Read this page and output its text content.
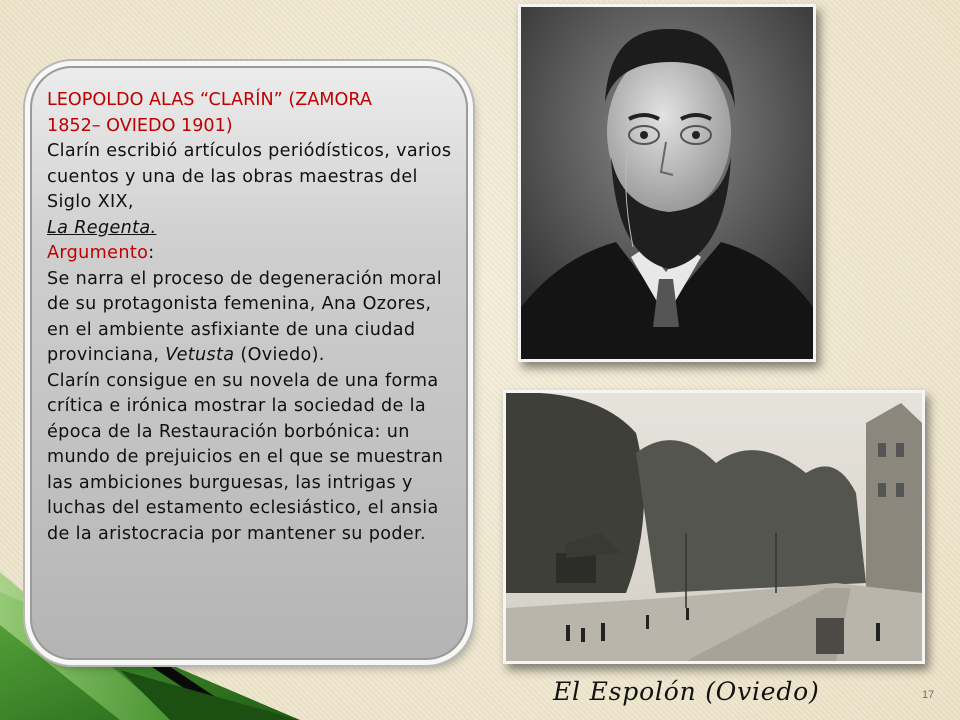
LEOPOLDO ALAS “CLARÍN” (ZAMORA
1852– OVIEDO 1901)

Clarín escribió artículos periódísticos, varios cuentos y una de las obras maestras del Siglo XIX,
La Regenta.

Argumento:

Se narra el proceso de degeneración moral de su protagonista femenina, Ana Ozores, en el ambiente asfixiante de una ciudad provinciana, Vetusta (Oviedo).

Clarín consigue en su novela de una forma crítica e irónica mostrar la sociedad de la época de la Restauración borbónica: un mundo de prejuicios en el que se muestran las ambiciones burguesas, las intrigas y luchas del estamento eclesiástico, el ansia de la aristocracia por mantener su poder.

El Espolón (Oviedo)	17
